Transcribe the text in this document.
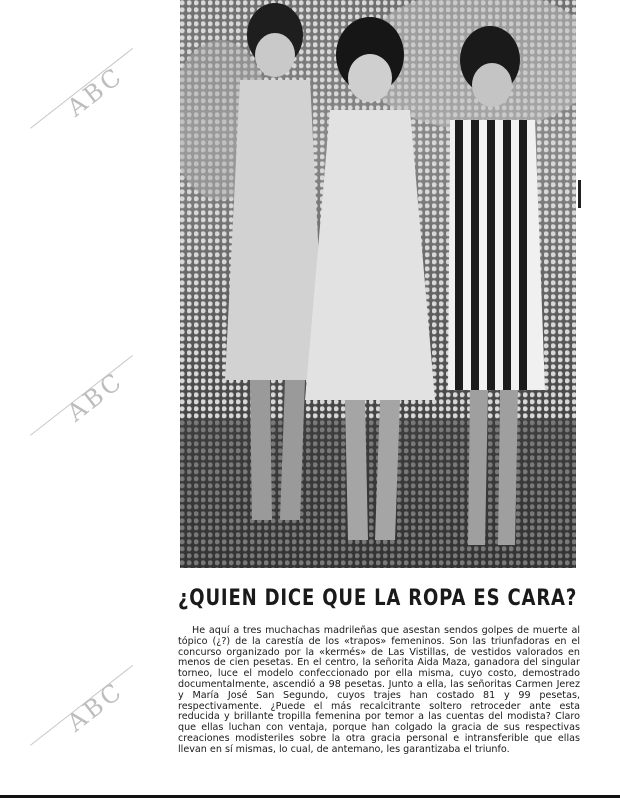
ABC
ABC
ABC
¿QUIEN DICE QUE LA ROPA ES CARA?
He aquí a tres muchachas madrileñas que asestan sendos golpes de muerte al tópico (¿?) de la carestía de los «trapos» femeninos. Son las triunfadoras en el concurso organizado por la «kermés» de Las Vistillas, de vestidos valorados en menos de cien pesetas. En el centro, la señorita Aida Maza, ganadora del singular torneo, luce el modelo confeccionado por ella misma, cuyo costo, demostrado documentalmente, ascendió a 98 pesetas. Junto a ella, las señoritas Carmen Jerez y María José San Segundo, cuyos trajes han costado 81 y 99 pesetas, respectivamente. ¿Puede el más recalcitrante soltero retroceder ante esta reducida y brillante tropilla femenina por temor a las cuentas del modista? Claro que ellas luchan con ventaja, porque han colgado la gracia de sus respectivas creaciones modisteriles sobre la otra gracia personal e intransferible que ellas llevan en sí mismas, lo cual, de antemano, les garantizaba el triunfo.
